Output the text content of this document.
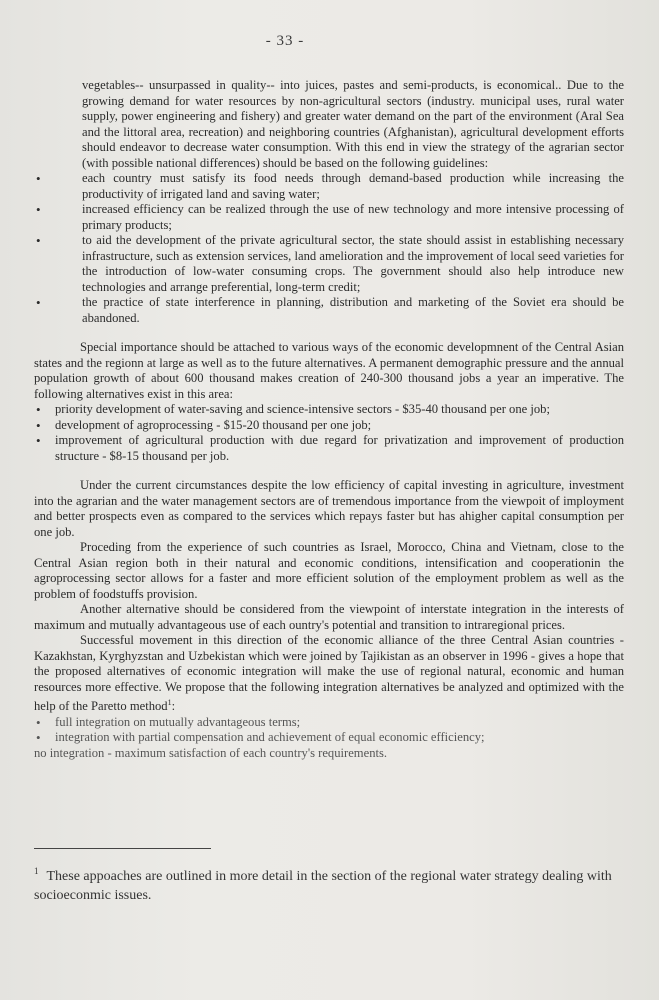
- 33 -

vegetables-- unsurpassed in quality-- into juices, pastes and semi-products, is economical.. Due to the growing demand for water resources by non-agricultural sectors (industry. municipal uses, rural water supply, power engineering and fishery) and greater water demand on the part of the environment (Aral Sea and the littoral area, recreation) and neighboring countries (Afghanistan), agricultural development efforts should endeavor to decrease water consumption. With this end in view the strategy of the agrarian sector (with possible national differences) should be based on the following guidelines:

•	each country must satisfy its food needs through demand-based production while increasing the productivity of irrigated land and saving water;
•	increased efficiency can be realized through the use of new technology and more intensive processing of primary products;
•	to aid the development of the private agricultural sector, the state should assist in establishing necessary infrastructure, such as extension services, land amelioration and the improvement of local seed varieties for the introduction of low-water consuming crops. The government should also help introduce new technologies and arrange preferential, long-term credit;
•	the practice of state interference in planning, distribution and marketing of the Soviet era should be abandoned.

Special importance should be attached to various ways of the economic developmnent of the Central Asian states and the regionn at large as well as to the future alternatives. A permanent demographic pressure and the annual population growth of about 600 thousand makes creation of 240-300 thousand jobs a year an imperative. The following alternatives exist in this area:

• priority development of water-saving and science-intensive sectors - $35-40 thousand per one job;
• development of agroprocessing - $15-20 thousand per one job;
• improvement of agricultural production with due regard for privatization and improvement of production structure - $8-15 thousand per job.

Under the current circumstances despite the low efficiency of capital investing in agriculture, investment into the agrarian and the water management sectors are of tremendous importance from the viewpoit of imployment and better prospects even as compared to the services which repays faster but has ahigher capital consumption per one job.

Proceding from the experience of such countries as Israel, Morocco, China and Vietnam, close to the Central Asian region both in their natural and economic conditions, intensification and cooperationin the agroprocessing sector allows for a faster and more efficient solution of the employment problem as well as the problem of foodstuffs provision.

Another alternative should be considered from the viewpoint of interstate integration in the interests of maximum and mutually advantageous use of each ountry's potential and transition to intraregional prices.

Successful movement in this direction of the economic alliance of the three Central Asian countries -Kazakhstan, Kyrghyzstan and Uzbekistan which were joined by Tajikistan as an observer in 1996 - gives a hope that the proposed alternatives of economic integration will make the use of regional natural, economic and human resources more effective. We propose that the following integration alternatives be analyzed and optimized with the help of the Paretto method$^1$:

• full integration on mutually advantageous terms;
• integration with partial compensation and achievement of equal economic efficiency;

no integration - maximum satisfaction of each country's requirements.

$^1$ These appoaches are outlined in more detail in the section of the regional water strategy dealing with socioeconmic issues.
